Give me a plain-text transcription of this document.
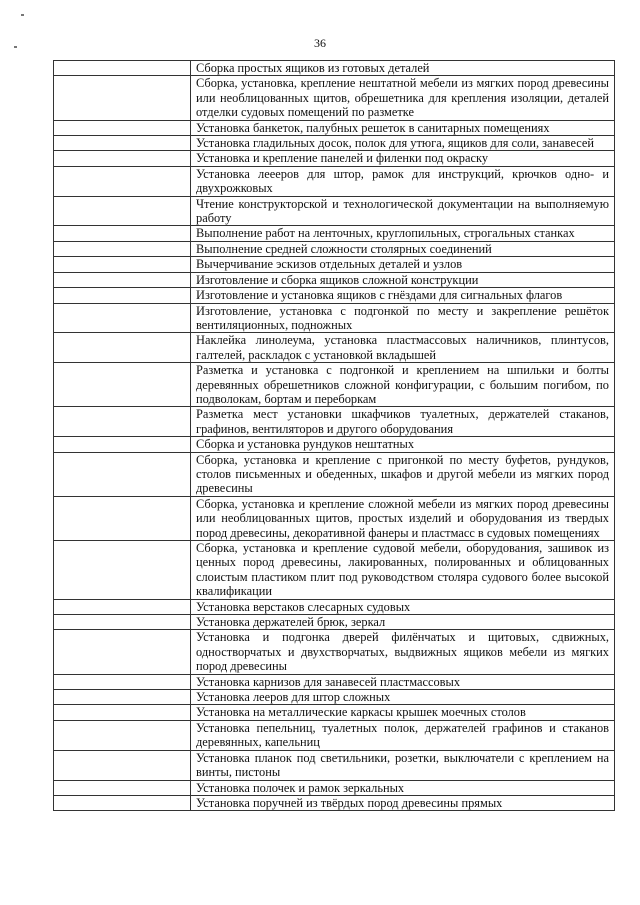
36
Сборка простых ящиков из готовых деталей
Сборка, установка, крепление нештатной мебели из мягких пород древесины или необлицованных щитов, обрешетника для крепления изоляции, деталей отделки судовых помещений по разметке
Установка банкеток, палубных решеток в санитарных помещениях
Установка гладильных досок, полок для утюга, ящиков для соли, занавесей
Установка и крепление панелей и филенки под окраску
Установка леееров для штор, рамок для инструкций, крючков одно- и двухрожковых
Чтение конструкторской и технологической документации на выполняемую работу
Выполнение работ на ленточных, круглопильных, строгальных станках
Выполнение средней сложности столярных соединений
Вычерчивание эскизов отдельных деталей и узлов
Изготовление и сборка ящиков сложной конструкции
Изготовление и установка ящиков с гнёздами для сигнальных флагов
Изготовление, установка с подгонкой по месту и закрепление решёток вентиляционных, подножных
Наклейка линолеума, установка пластмассовых наличников, плинтусов, галтелей, раскладок с установкой вкладышей
Разметка и установка с подгонкой и креплением на шпильки и болты деревянных обрешетников сложной конфигурации, с большим погибом, по подволокам, бортам и переборкам
Разметка мест установки шкафчиков туалетных, держателей стаканов, графинов, вентиляторов и другого оборудования
Сборка и установка рундуков нештатных
Сборка, установка и крепление с пригонкой по месту буфетов, рундуков, столов письменных и обеденных, шкафов и другой мебели из мягких пород древесины
Сборка, установка и крепление сложной мебели из мягких пород древесины или необлицованных щитов, простых изделий и оборудования из твердых пород древесины, декоративной фанеры и пластмасс в судовых помещениях
Сборка, установка и крепление судовой мебели, оборудования, зашивок из ценных пород древесины, лакированных, полированных и облицованных слоистым пластиком плит под руководством столяра судового более высокой квалификации
Установка верстаков слесарных судовых
Установка держателей брюк, зеркал
Установка и подгонка дверей филёнчатых и щитовых, сдвижных, одностворчатых и двухстворчатых, выдвижных ящиков мебели из мягких пород древесины
Установка карнизов для занавесей пластмассовых
Установка лееров для штор сложных
Установка на металлические каркасы крышек моечных столов
Установка пепельниц, туалетных полок, держателей графинов и стаканов деревянных, капельниц
Установка планок под светильники, розетки, выключатели с креплением на винты, пистоны
Установка полочек и рамок зеркальных
Установка поручней из твёрдых пород древесины прямых
